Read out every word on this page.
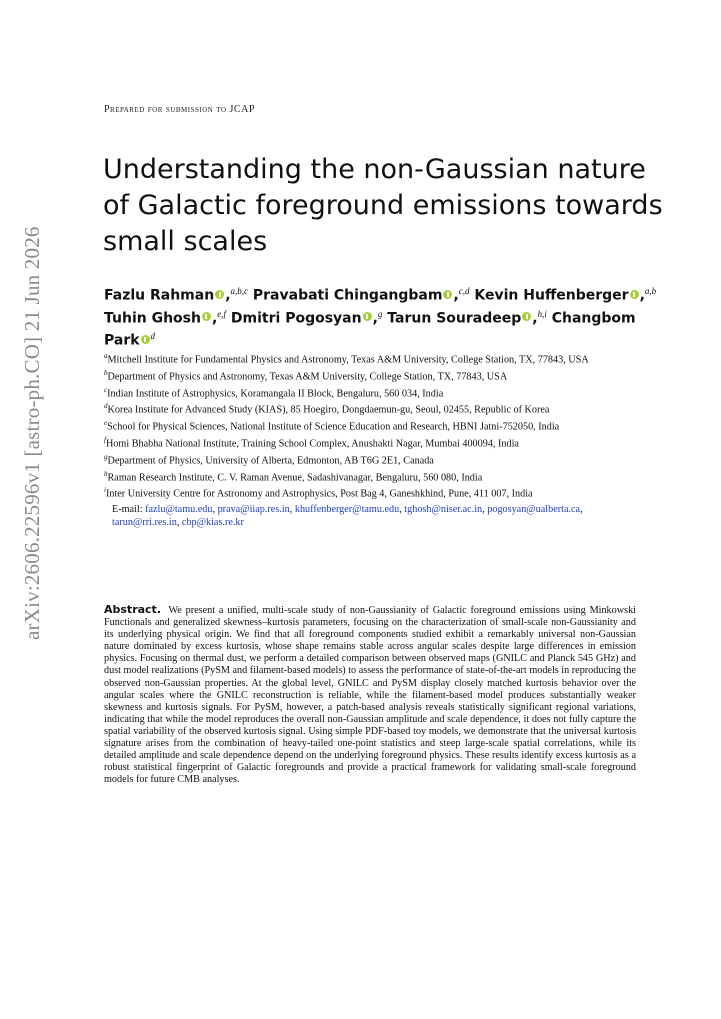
arXiv:2606.22596v1 [astro-ph.CO] 21 Jun 2026
Prepared for submission to JCAP
Understanding the non-Gaussian nature of Galactic foreground emissions towards small scales
Fazlu Rahman ,$^{a,b,c}$ Pravabati Chingangbam ,$^{c,d}$ Kevin Huffenberger ,$^{a,b}$ Tuhin Ghosh ,$^{e,f}$ Dmitri Pogosyan ,$^g$ Tarun Souradeep ,$^{h,i}$ Changbom Park $^d$

$^a$Mitchell Institute for Fundamental Physics and Astronomy, Texas A&M University, College Station, TX, 77843, USA

$^b$Department of Physics and Astronomy, Texas A&M University, College Station, TX, 77843, USA

$^c$Indian Institute of Astrophysics, Koramangala II Block, Bengaluru, 560 034, India

$^d$Korea Institute for Advanced Study (KIAS), 85 Hoegiro, Dongdaemun-gu, Seoul, 02455, Republic of Korea

$^e$School for Physical Sciences, National Institute of Science Education and Research, HBNI Jatni-752050, India

$^f$Homi Bhabha National Institute, Training School Complex, Anushakti Nagar, Mumbai 400094, India

$^g$Department of Physics, University of Alberta, Edmonton, AB T6G 2E1, Canada

$^h$Raman Research Institute, C. V. Raman Avenue, Sadashivanagar, Bengaluru, 560 080, India

$^i$Inter University Centre for Astronomy and Astrophysics, Post Bag 4, Ganeshkhind, Pune, 411 007, India

E-mail: fazlu@tamu.edu, prava@iiap.res.in, khuffenberger@tamu.edu, tghosh@niser.ac.in, pogosyan@ualberta.ca, tarun@rri.res.in, cbp@kias.re.kr

Abstract. We present a unified, multi-scale study of non-Gaussianity of Galactic foreground emissions using Minkowski Functionals and generalized skewness–kurtosis parameters, focusing on the characterization of small-scale non-Gaussianity and its underlying physical origin. We find that all foreground components studied exhibit a remarkably universal non-Gaussian nature dominated by excess kurtosis, whose shape remains stable across angular scales despite large differences in emission physics. Focusing on thermal dust, we perform a detailed comparison between observed maps (GNILC and Planck 545 GHz) and dust model realizations (PySM and filament-based models) to assess the performance of state-of-the-art models in reproducing the observed non-Gaussian properties. At the global level, GNILC and PySM display closely matched kurtosis behavior over the angular scales where the GNILC reconstruction is reliable, while the filament-based model produces substantially weaker skewness and kurtosis signals. For PySM, however, a patch-based analysis reveals statistically significant regional variations, indicating that while the model reproduces the overall non-Gaussian amplitude and scale dependence, it does not fully capture the spatial variability of the observed kurtosis signal. Using simple PDF-based toy models, we demonstrate that the universal kurtosis signature arises from the combination of heavy-tailed one-point statistics and steep large-scale spatial correlations, while its detailed amplitude and scale dependence depend on the underlying foreground physics. These results identify excess kurtosis as a robust statistical fingerprint of Galactic foregrounds and provide a practical framework for validating small-scale foreground models for future CMB analyses.
